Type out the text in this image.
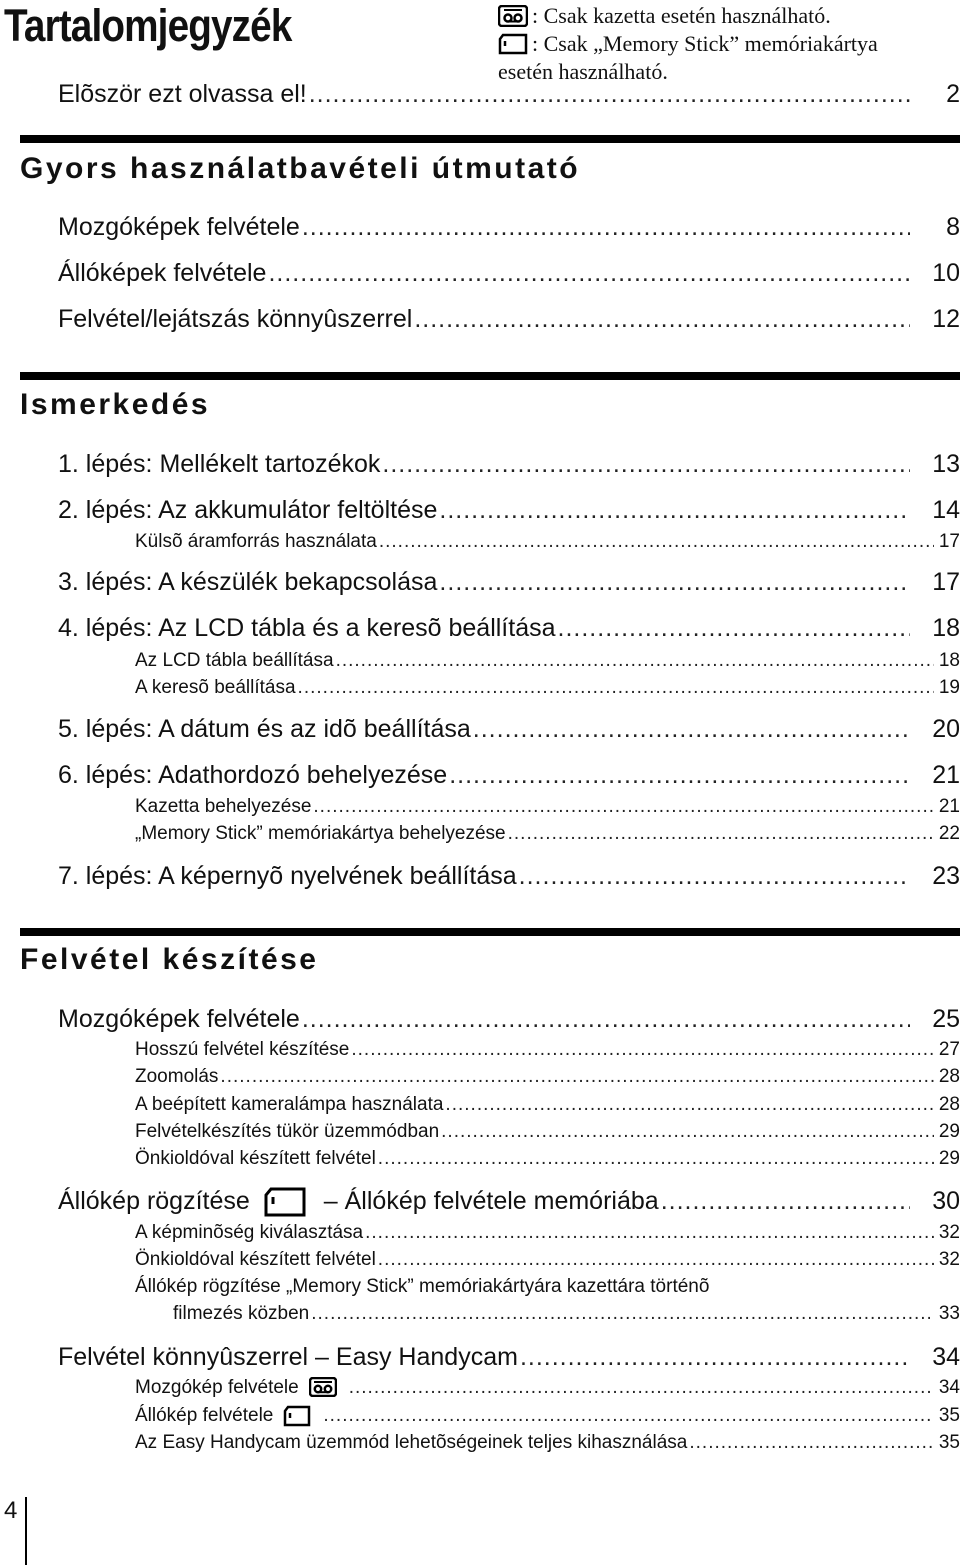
Tartalomjegyzék	: Csak kazetta esetén használható.
: Csak „Memory Stick” memóriakártya
esetén használható.
Elõször ezt olvassa el! .....	2
Gyors használatbavételi útmutató
Mozgóképek felvétele .....	8
Állóképek felvétele .....	10
Felvétel/lejátszás könnyûszerrel .....	12
Ismerkedés
1. lépés: Mellékelt tartozékok .....	13
2. lépés: Az akkumulátor feltöltése .....	14
Külsõ áramforrás használata .....	17
3. lépés: A készülék bekapcsolása .....	17
4. lépés: Az LCD tábla és a keresõ beállítása .....	18
Az LCD tábla beállítása .....	18
A keresõ beállítása .....	19
5. lépés: A dátum és az idõ beállítása .....	20
6. lépés: Adathordozó behelyezése .....	21
Kazetta behelyezése .....	21
„Memory Stick” memóriakártya behelyezése .....	22
7. lépés: A képernyõ nyelvének beállítása .....	23
Felvétel készítése
Mozgóképek felvétele .....	25
Hosszú felvétel készítése .....	27
Zoomolás .....	28
A beépített kameralámpa használata .....	28
Felvételkészítés tükör üzemmódban .....	29
Önkioldóval készített felvétel .....	29
Állókép rögzítése	– Állókép felvétele memóriába .....	30
A képminõség kiválasztása .....	32
Önkioldóval készített felvétel .....	32
Állókép rögzítése „Memory Stick” memóriakártyára kazettára történõ
filmezés közben .....	33
Felvétel könnyûszerrel – Easy Handycam .....	34
Mozgókép felvétele .....	34
Állókép felvétele .....	35
Az Easy Handycam üzemmód lehetõségeinek teljes kihasználása .....	35
4
